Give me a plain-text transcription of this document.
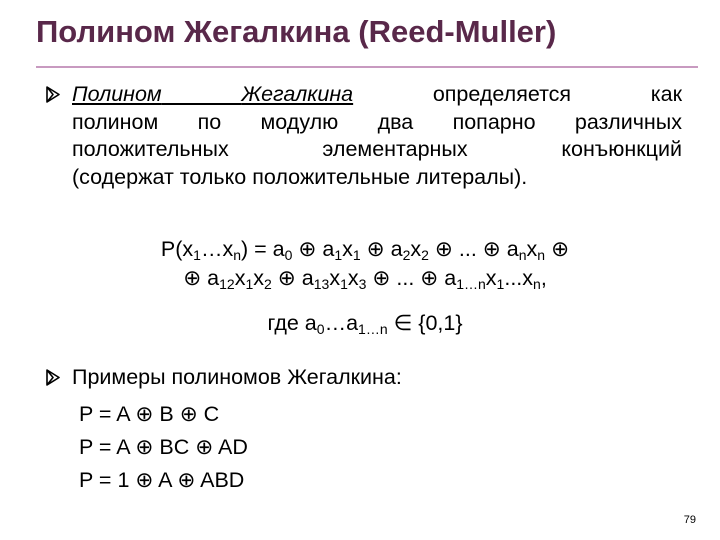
Полином Жегалкина (Reed-Muller)
Полином	Жегалкина	определяется как
полином по модулю два попарно различных
положительных элементарных конъюнкций
(содержат только положительные литералы).
$P(x_1\dots x_n) = a_0$ ⊕ $a_1x_1$ ⊕ $a_2x_2$ ⊕ ... ⊕ $a_nx_n$ ⊕
⊕ $a_{12}x_1x_2$ ⊕ $a_{13}x_1x_3$ ⊕ ... ⊕ $a_{1\dots n}x_1...x_n$,
где $a_0\dots a_{1\dots n}$ ∈ {0,1}
Примеры полиномов Жегалкина:
P = A ⊕ B ⊕ C
P = A ⊕ BC ⊕ AD
P = 1 ⊕ A ⊕ ABD
79
